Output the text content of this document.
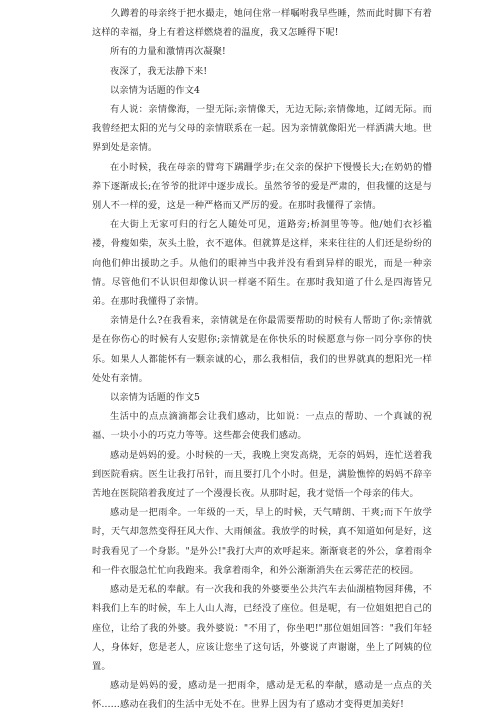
　　久蹲着的母亲终于把水撮走，她问住常一样嘱咐我早些睡，然而此时脚下有着这样的幸福，身上有着这样燃烧着的温度，我又怎睡得下呢!

所有的力量和激情再次凝聚!

夜深了，我无法静下来!

以亲情为话题的作文4

有人说：亲情像海，一望无际;亲情像天，无边无际;亲情像地，辽阔无际。而我曾经把太阳的光与父母的亲情联系在一起。因为亲情就像阳光一样洒满大地。世界到处是亲情。

在小时候，我在母亲的臂弯下蹒跚学步;在父亲的保护下慢慢长大;在奶奶的懵养下逐渐成长;在爷爷的批评中逐步成长。虽然爷爷的爱是严肃的，但我懂的这是与别人不一样的爱，这是一种严格而又严厉的爱。在那时我懂得了亲情。

在大街上无家可归的行乞人随处可见，道路旁;桥洞里等等。他/她们衣衫褴褛，骨瘦如柴，灰头土脸，衣不遮体。但就算是这样，来来往往的人们还是纷纷的向他们伸出援助之手。从他们的眼神当中我并没有看到异样的眼光，而是一种亲情。尽管他们不认识但却像认识一样毫不陌生。在那时我知道了什么是四海皆兄弟。在那时我懂得了亲情。

亲情是什么?在我看来，亲情就是在你最需要帮助的时候有人帮助了你;亲情就是在你伤心的时候有人安慰你;亲情就是在你快乐的时候愿意与你一同分享你的快乐。如果人人都能怀有一颗亲诚的心，那么我相信，我们的世界就真的想阳光一样处处有亲情。

以亲情为话题的作文5

生活中的点点滴滴都会让我们感动，比如说：一点点的帮助、一个真诚的祝福、一块小小的巧克力等等。这些都会使我们感动。

感动是妈妈的爱。小时候的一天，我晚上突发高烧，无奈的妈妈，连忙送着我到医院看病。医生让我打吊针，而且要打几个小时。但是，满脸憔悴的妈妈不辞辛苦地在医院陪着我度过了一个漫漫长夜。从那时起，我才觉悟一个母亲的伟大。

感动是一把雨伞。一年级的一天，早上的时候，天气晴朗、干爽;而下午放学时，天气却忽然变得狂风大作、大雨倾盆。我放学的时候，真不知道如何是好，这时我看见了一个身影。"是外公!"我打大声的欢呼起来。渐渐衰老的外公，拿着雨伞和一件衣服急忙忙向我跑来。我拿着雨伞，和外公渐渐消失在云雾茫茫的校园。

感动是无私的奉献。有一次我和我的外婆要坐公共汽车去仙湖植物园拜佛，不料我们上车的时候，车上人山人海，已经没了座位。但是呢，有一位姐姐把自己的座位，让给了我的外婆。我外婆说："不用了，你坐吧!"那位姐姐回答："我们年轻人，身体好，您是老人，应该让您坐了这句话，外婆说了声谢谢，坐上了阿姨的位置。

感动是妈妈的爱，感动是一把雨伞，感动是无私的奉献，感动是一点点的关怀……感动在我们的生活中无处不在。世界上因为有了感动才变得更加美好!
